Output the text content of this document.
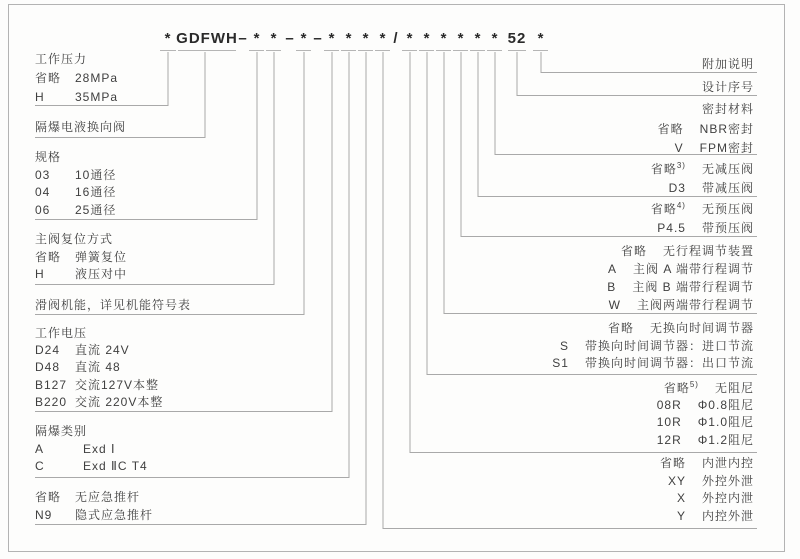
* GDFWH – * * – * – * * * * / * * * * * * 52 *
工作压力
省略 28MPa
H	35MPa
隔爆电液换向阀
规格
03 10通径
04 16通径
06 25通径
主阀复位方式
省略 弹簧复位
H	液压对中
滑阀机能，详见机能符号表
工作电压
D24 直流 24V
D48 直流 48
B127 交流127V本整
B220 交流 220V本整
隔爆类别
A	Exd Ⅰ
C	Exd ⅡC T4
省略 无应急推杆
N9 隐式应急推杆
附加说明
设计序号
密封材料
省略 NBR密封
V FPM密封
省略$^{3)}$ 无减压阀
D3 带减压阀
省略$^{4)}$ 无预压阀
P4.5 带预压阀
省略 无行程调节装置
A 主阀 A 端带行程调节
B 主阀 B 端带行程调节
W 主阀两端带行程调节
省略 无换向时间调节器
S 带换向时间调节器：进口节流
S1 带换向时间调节器：出口节流
省略$^{5)}$ 无阻尼
08R Φ0.8阻尼
10R Φ1.0阻尼
12R Φ1.2阻尼
省略 内泄内控
XY 外控外泄
X 外控内泄
Y 内控外泄
